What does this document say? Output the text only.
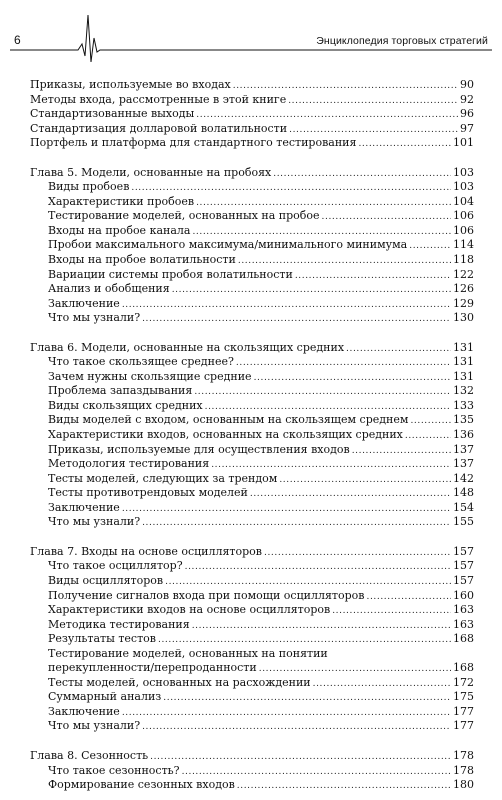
6	Энциклопедия торговых стратегий
Приказы, используемые во входах .....	90
Методы входа, рассмотренные в этой книге .....	92
Стандартизованные выходы .....	96
Стандартизация долларовой волатильности .....	97
Портфель и платформа для стандартного тестирования .....	101
Глава 5. Модели, основанные на пробоях .....	103
Виды пробоев .....	103
Характеристики пробоев .....	104
Тестирование моделей, основанных на пробое .....	106
Входы на пробое канала .....	106
Пробои максимального максимума/минимального минимума .....	114
Входы на пробое волатильности .....	118
Вариации системы пробоя волатильности .....	122
Анализ и обобщения .....	126
Заключение .....	129
Что мы узнали? .....	130
Глава 6. Модели, основанные на скользящих средних .....	131
Что такое скользящее среднее? .....	131
Зачем нужны скользящие средние .....	131
Проблема запаздывания .....	132
Виды скользящих средних .....	133
Виды моделей с входом, основанным на скользящем среднем .....	135
Характеристики входов, основанных на скользящих средних .....	136
Приказы, используемые для осуществления входов .....	137
Методология тестирования .....	137
Тесты моделей, следующих за трендом .....	142
Тесты противотрендовых моделей .....	148
Заключение .....	154
Что мы узнали? .....	155
Глава 7. Входы на основе осцилляторов .....	157
Что такое осциллятор? .....	157
Виды осцилляторов .....	157
Получение сигналов входа при помощи осцилляторов .....	160
Характеристики входов на основе осцилляторов .....	163
Методика тестирования .....	163
Результаты тестов .....	168
Тестирование моделей, основанных на понятии
перекупленности/перепроданности .....	168
Тесты моделей, основанных на расхождении .....	172
Суммарный анализ .....	175
Заключение .....	177
Что мы узнали? .....	177
Глава 8. Сезонность .....	178
Что такое сезонность? .....	178
Формирование сезонных входов .....	180
